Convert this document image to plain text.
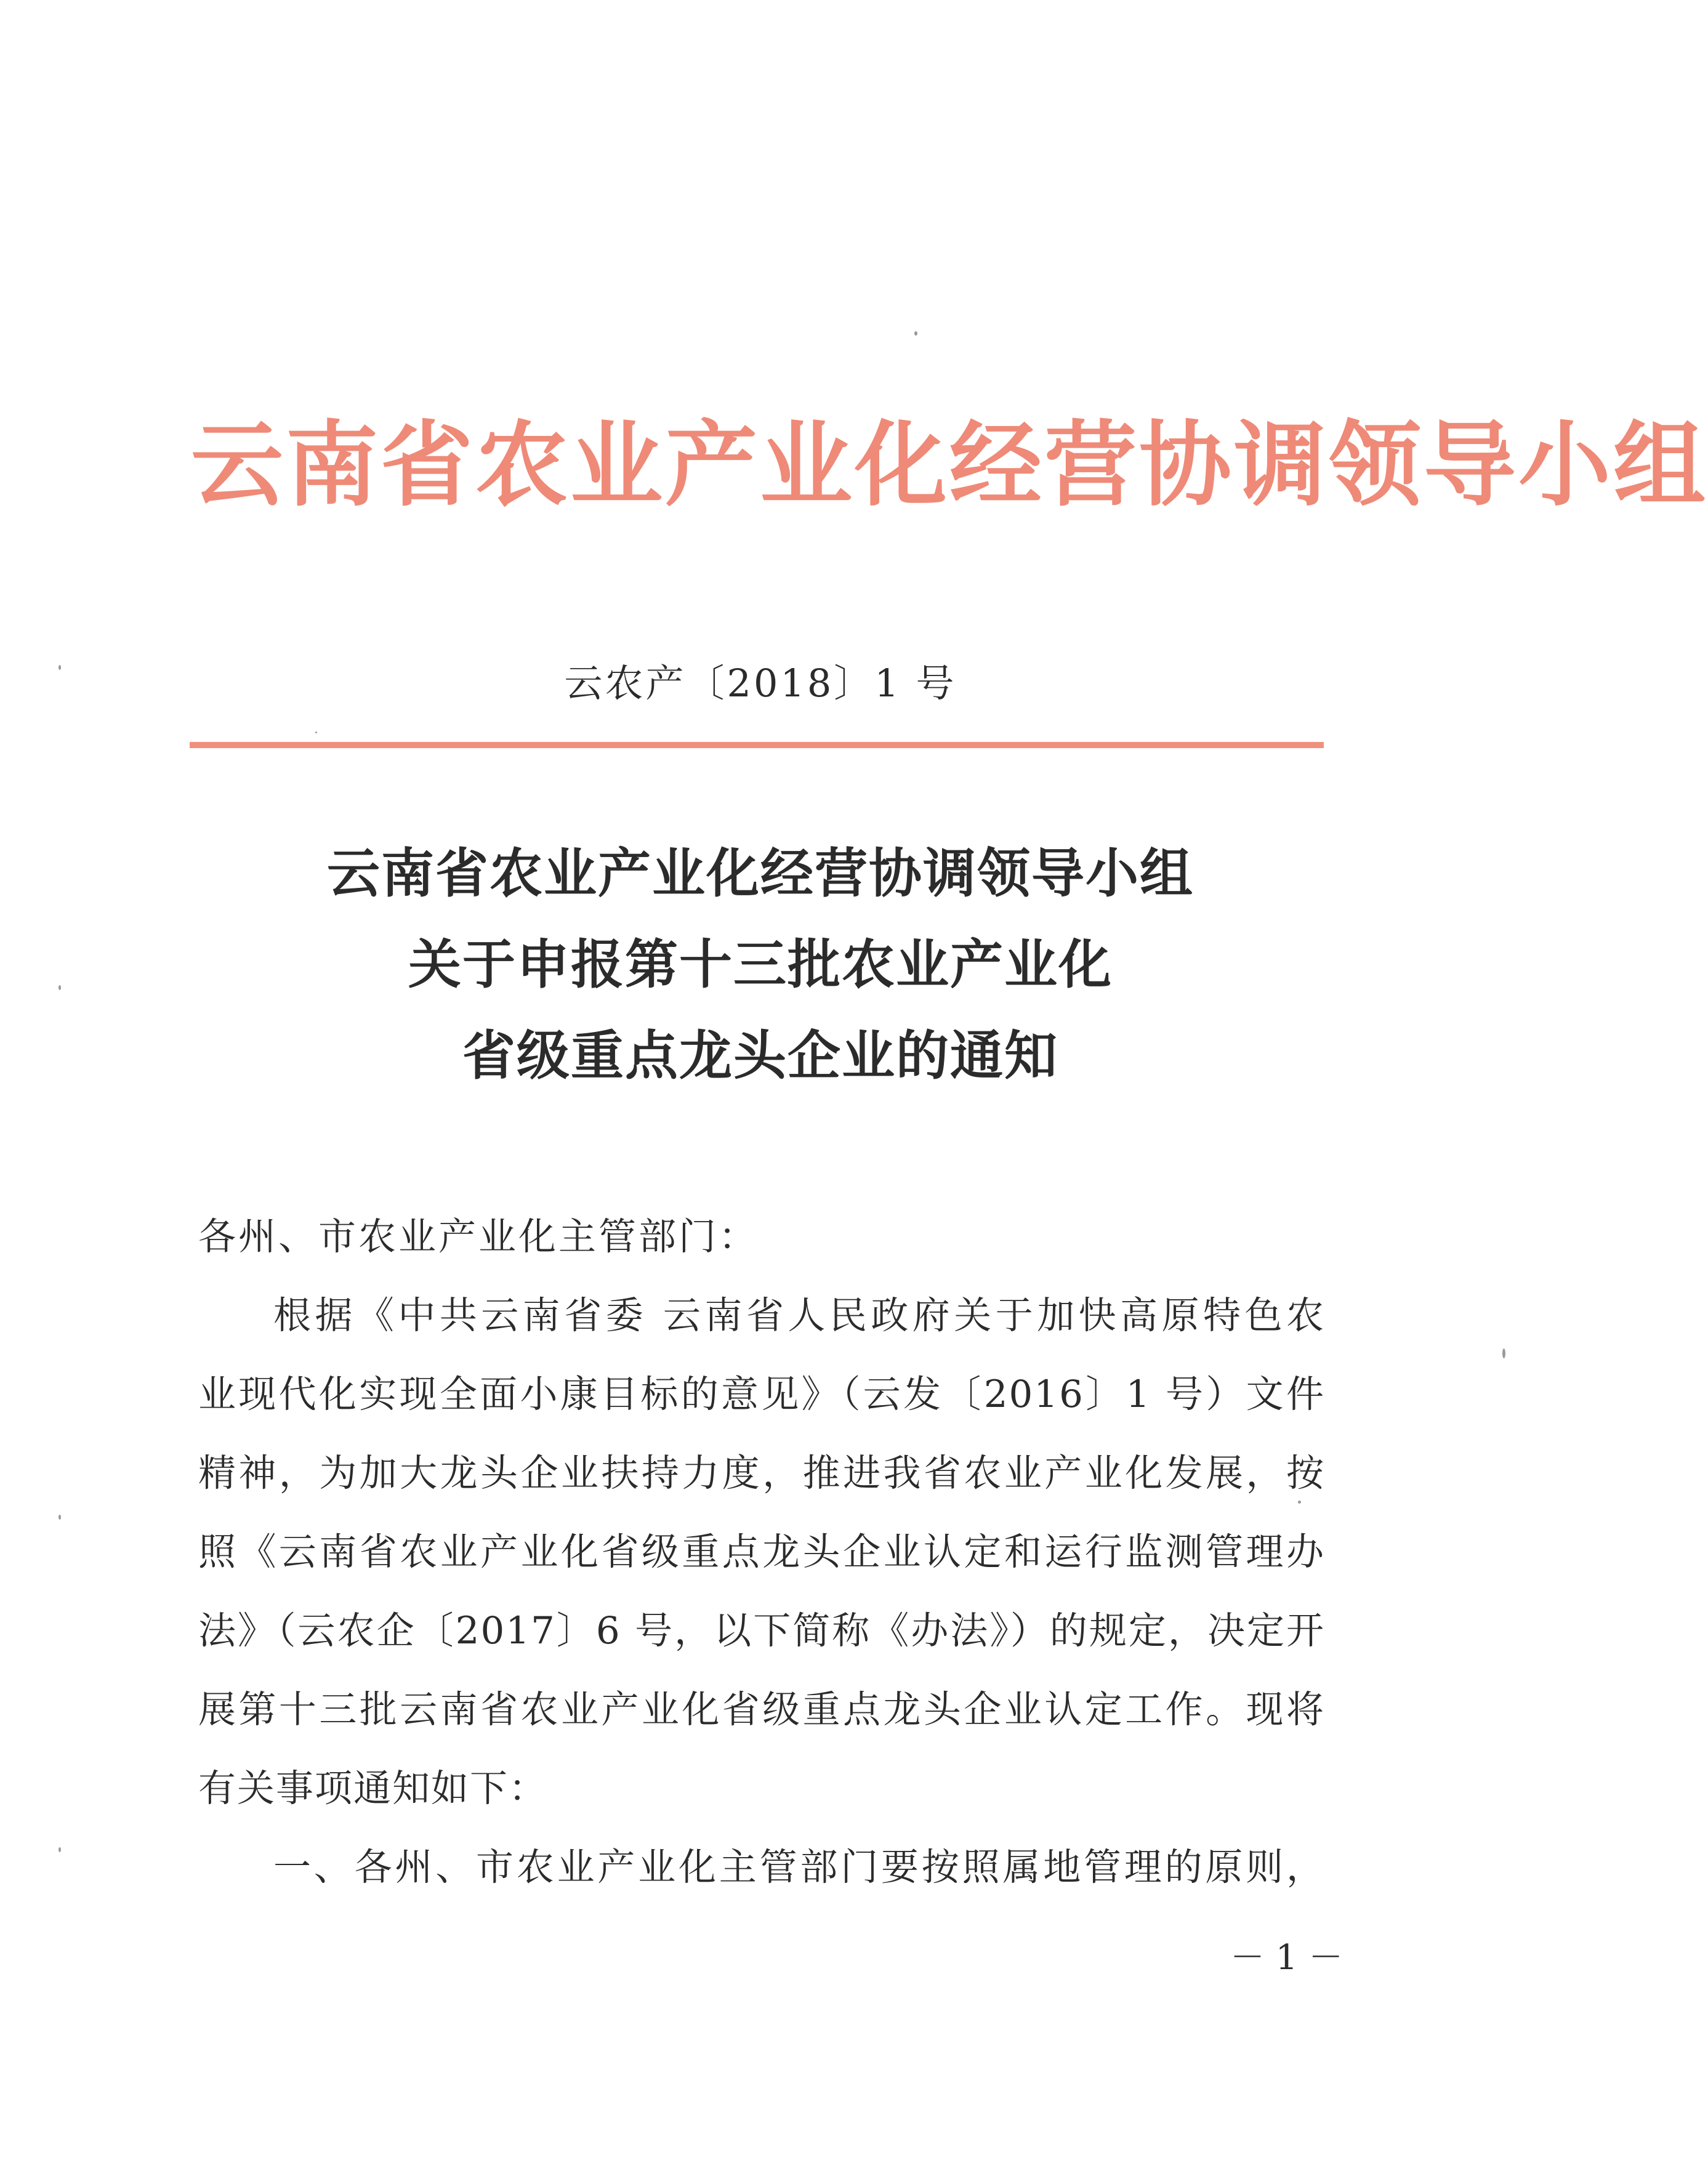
云南省农业产业化经营协调领导小组
云农产〔2018〕1 号
云南省农业产业化经营协调领导小组
关于申报第十三批农业产业化
省级重点龙头企业的通知
各州、市农业产业化主管部门：
根据《中共云南省委 云南省人民政府关于加快高原特色农
业现代化实现全面小康目标的意见》（云发〔2016〕1 号）文件
精神，为加大龙头企业扶持力度，推进我省农业产业化发展，按
照《云南省农业产业化省级重点龙头企业认定和运行监测管理办
法》（云农企〔2017〕6 号，以下简称《办法》）的规定，决定开
展第十三批云南省农业产业化省级重点龙头企业认定工作。现将
有关事项通知如下：
一、各州、市农业产业化主管部门要按照属地管理的原则，
－ 1 －
